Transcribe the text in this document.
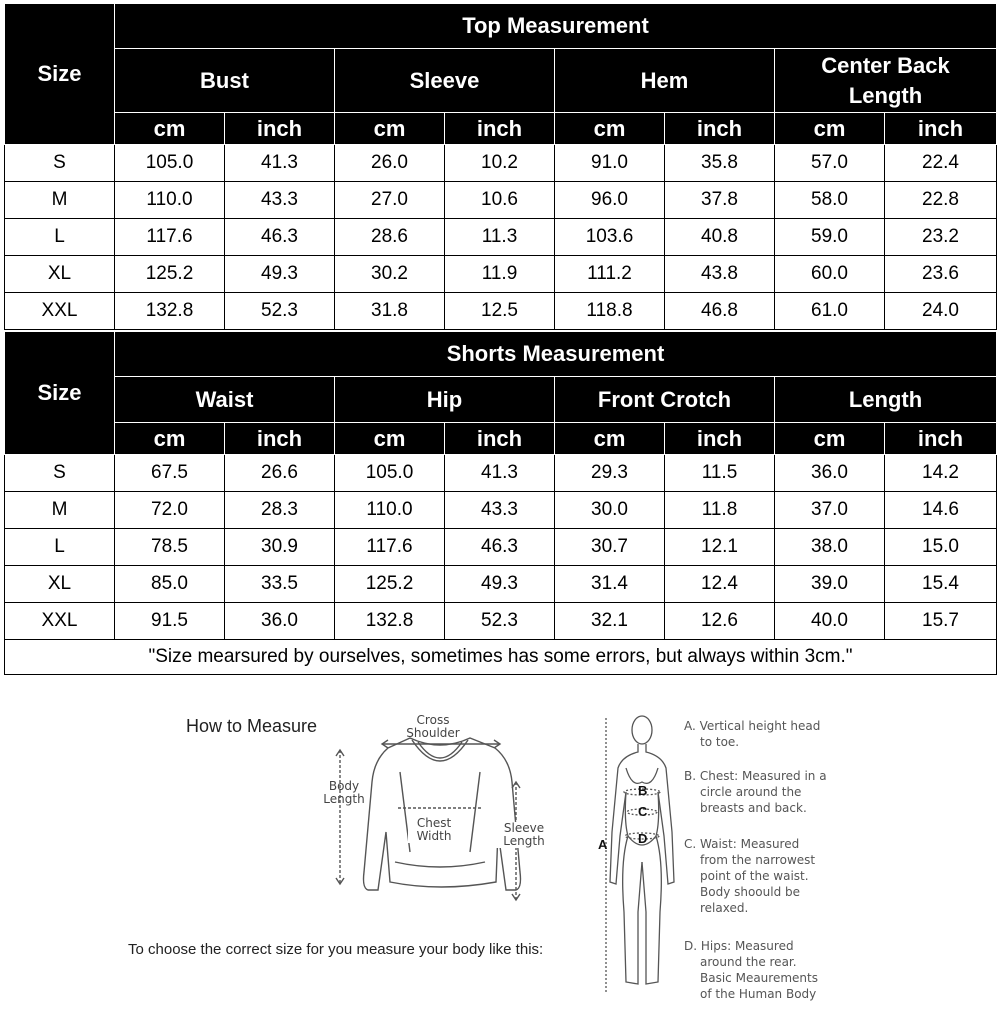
Size	Top Measurement							
	Bust		Sleeve		Hem		Center Back Length	
	cm	inch	cm	inch	cm	inch	cm	inch
S	105.0	41.3	26.0	10.2	91.0	35.8	57.0	22.4
M	110.0	43.3	27.0	10.6	96.0	37.8	58.0	22.8
L	117.6	46.3	28.6	11.3	103.6	40.8	59.0	23.2
XL	125.2	49.3	30.2	11.9	111.2	43.8	60.0	23.6
XXL	132.8	52.3	31.8	12.5	118.8	46.8	61.0	24.0
Size	Shorts Measurement							
	Waist		Hip		Front Crotch		Length	
	cm	inch	cm	inch	cm	inch	cm	inch
S	67.5	26.6	105.0	41.3	29.3	11.5	36.0	14.2
M	72.0	28.3	110.0	43.3	30.0	11.8	37.0	14.6
L	78.5	30.9	117.6	46.3	30.7	12.1	38.0	15.0
XL	85.0	33.5	125.2	49.3	31.4	12.4	39.0	15.4
XXL	91.5	36.0	132.8	52.3	32.1	12.6	40.0	15.7
"Size mearsured by ourselves, sometimes has some errors, but always within 3cm."								
How to Measure	Cross
Shoulder
Body
Length
Chest
Width
Sleeve
Length
To choose the correct size for you measure your body like this:
A
B
C
D
A. Vertical height head
to toe.
B. Chest: Measured in a
circle around the
breasts and back.
C. Waist: Measured
from the narrowest
point of the waist.
Body shoould be
relaxed.
D. Hips: Measured
around the rear.
Basic Meaurements
of the Human Body
